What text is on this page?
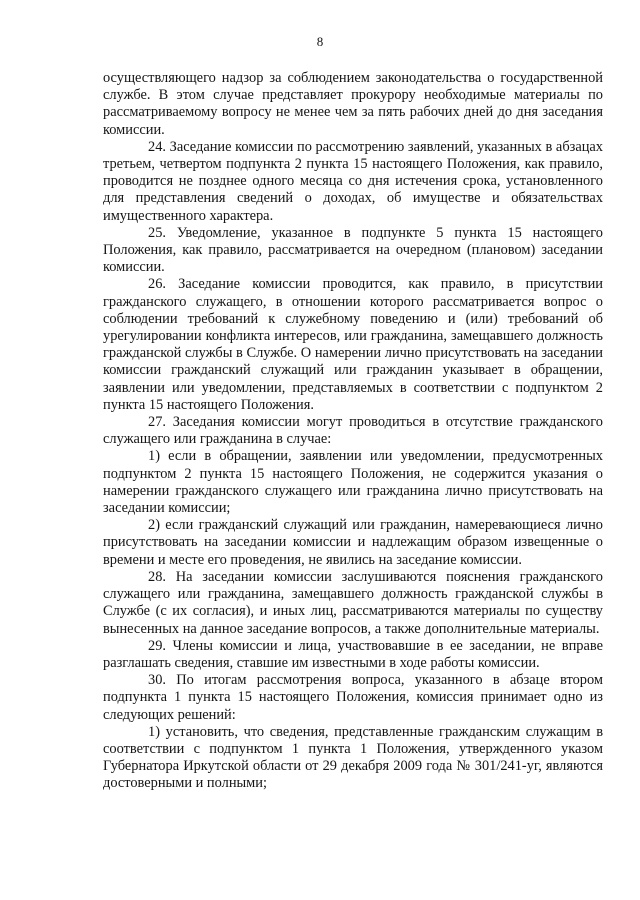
8

осуществляющего надзор за соблюдением законодательства о государственной службе. В этом случае представляет прокурору необходимые материалы по рассматриваемому вопросу не менее чем за пять рабочих дней до дня заседания комиссии.

24. Заседание комиссии по рассмотрению заявлений, указанных в абзацах третьем, четвертом подпункта 2 пункта 15 настоящего Положения, как правило, проводится не позднее одного месяца со дня истечения срока, установленного для представления сведений о доходах, об имуществе и обязательствах имущественного характера.

25. Уведомление, указанное в подпункте 5 пункта 15 настоящего Положения, как правило, рассматривается на очередном (плановом) заседании комиссии.

26. Заседание комиссии проводится, как правило, в присутствии гражданского служащего, в отношении которого рассматривается вопрос о соблюдении требований к служебному поведению и (или) требований об урегулировании конфликта интересов, или гражданина, замещавшего должность гражданской службы в Службе. О намерении лично присутствовать на заседании комиссии гражданский служащий или гражданин указывает в обращении, заявлении или уведомлении, представляемых в соответствии с подпунктом 2 пункта 15 настоящего Положения.

27. Заседания комиссии могут проводиться в отсутствие гражданского служащего или гражданина в случае:

1) если в обращении, заявлении или уведомлении, предусмотренных подпунктом 2 пункта 15 настоящего Положения, не содержится указания о намерении гражданского служащего или гражданина лично присутствовать на заседании комиссии;

2) если гражданский служащий или гражданин, намеревающиеся лично присутствовать на заседании комиссии и надлежащим образом извещенные о времени и месте его проведения, не явились на заседание комиссии.

28. На заседании комиссии заслушиваются пояснения гражданского служащего или гражданина, замещавшего должность гражданской службы в Службе (с их согласия), и иных лиц, рассматриваются материалы по существу вынесенных на данное заседание вопросов, а также дополнительные материалы.

29. Члены комиссии и лица, участвовавшие в ее заседании, не вправе разглашать сведения, ставшие им известными в ходе работы комиссии.

30. По итогам рассмотрения вопроса, указанного в абзаце втором подпункта 1 пункта 15 настоящего Положения, комиссия принимает одно из следующих решений:

1) установить, что сведения, представленные гражданским служащим в соответствии с подпунктом 1 пункта 1 Положения, утвержденного указом Губернатора Иркутской области от 29 декабря 2009 года № 301/241-уг, являются достоверными и полными;
